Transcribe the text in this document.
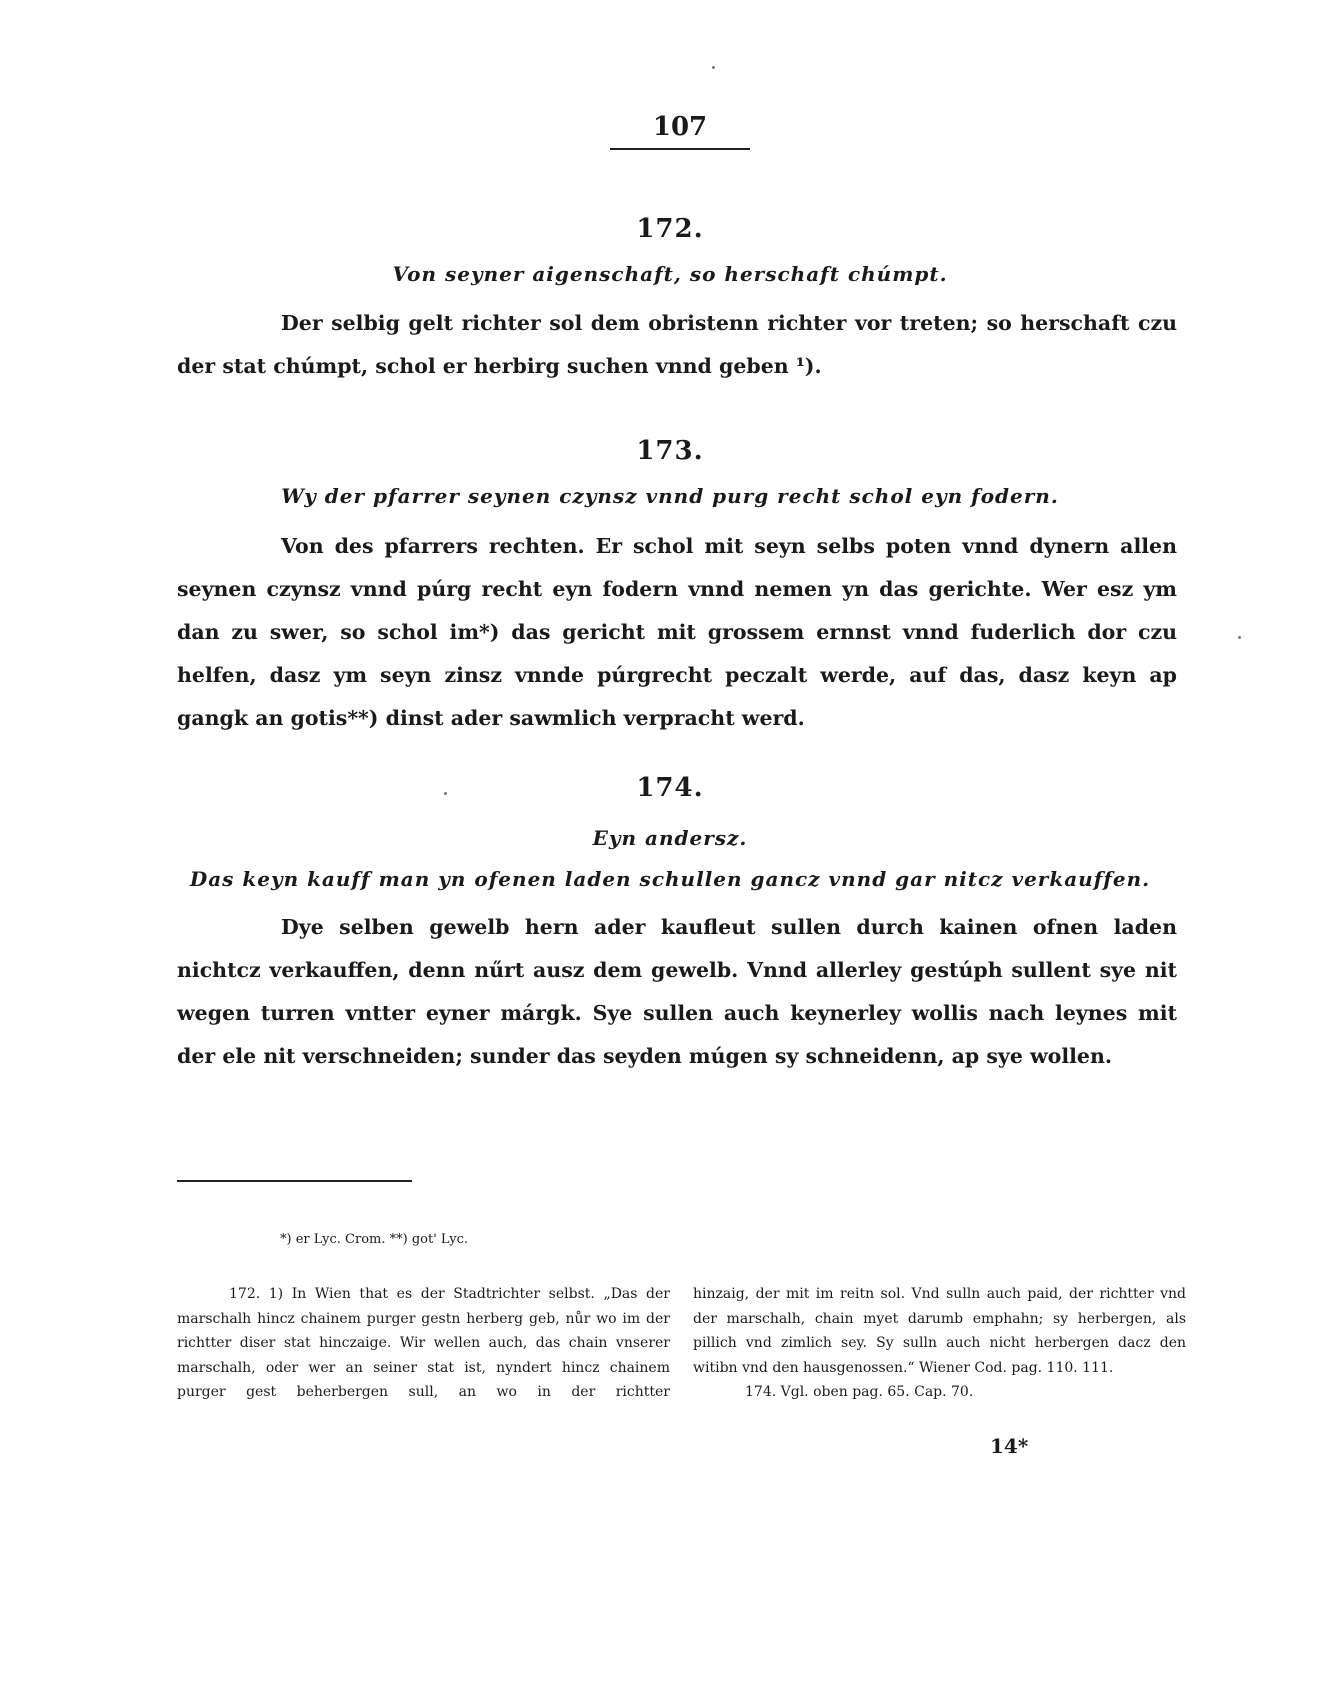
107
172.
Von seyner aigenschaft, so herschaft chúmpt.
Der selbig gelt richter sol dem obristenn richter vor treten; so herschaft czu der stat chúmpt, schol er herbirg suchen vnnd geben ¹).
173.
Wy der pfarrer seynen czynsz vnnd purg recht schol eyn fodern.
Von des pfarrers rechten. Er schol mit seyn selbs poten vnnd dynern allen seynen czynsz vnnd púrg recht eyn fodern vnnd nemen yn das gerichte. Wer esz ym dan zu swer, so schol im*) das gericht mit grossem ernnst vnnd fuderlich dor czu helfen, dasz ym seyn zinsz vnnde púrgrecht peczalt werde, auf das, dasz keyn ap gangk an gotis**) dinst ader sawmlich verpracht werd.
174.
Eyn andersz.
Das keyn kauff man yn ofenen laden schullen gancz vnnd gar nitcz verkauffen.
Dye selben gewelb hern ader kaufleut sullen durch kainen ofnen laden nichtcz verkauffen, denn nűrt ausz dem gewelb. Vnnd allerley gestúph sullent sye nit wegen turren vntter eyner márgk. Sye sullen auch keynerley wollis nach leynes mit der ele nit verschneiden; sunder das seyden múgen sy schneidenn, ap sye wollen.
*) er Lyc. Crom. **) got' Lyc.
172. 1) In Wien that es der Stadtrichter selbst. „Das der marschalh hincz chainem purger gestn herberg geb, nůr wo im der richtter diser stat hinczaige. Wir wellen auch, das chain vnserer marschalh, oder wer an seiner stat ist, nyndert hincz chainem purger gest beherbergen sull, an wo in der richtter
hinzaig, der mit im reitn sol. Vnd sulln auch paid, der richtter vnd der marschalh, chain myet darumb emphahn; sy herbergen, als pillich vnd zimlich sey. Sy sulln auch nicht herbergen dacz den witibn vnd den hausgenossen.“ Wiener Cod. pag. 110. 111.
174. Vgl. oben pag. 65. Cap. 70.
14*
